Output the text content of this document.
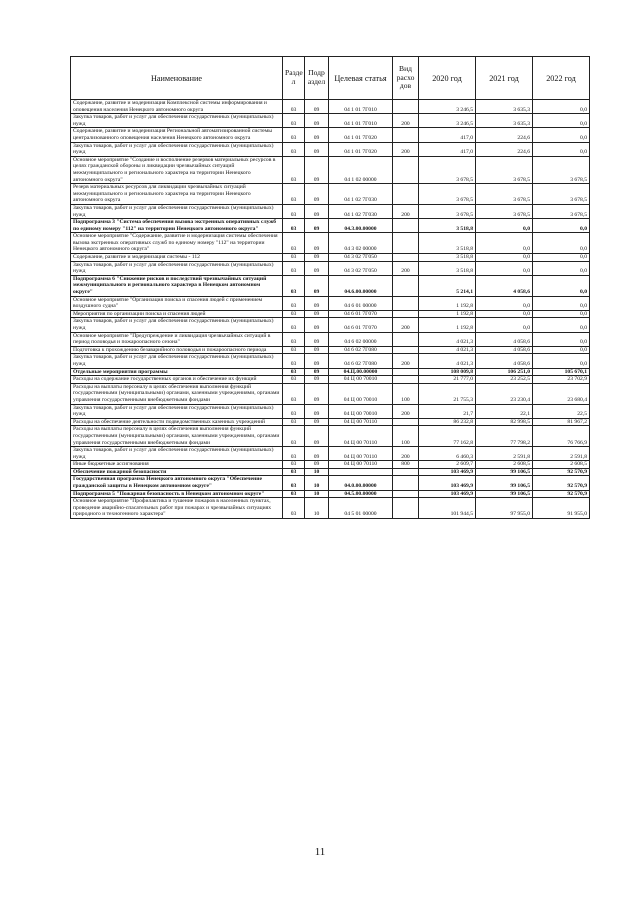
Наименование	Разде л	Подр аздел	Целевая статья	Вид расхо дов	2020 год	2021 год	2022 год
Содержание, развитие и модернизация Комплексной системы информирования и оповещения населения Ненецкого автономного округа	03	09	04 1 01 7Г010		3 246,5	3 635,3	0,0
Закупка товаров, работ и услуг для обеспечения государственных (муниципальных) нужд	03	09	04 1 01 7Г010	200	3 246,5	3 635,3	0,0
Содержание, развитие и модернизация Региональной автоматизированной системы централизованного оповещения населения Ненецкого автономного округа	03	09	04 1 01 7Г020		417,0	224,6	0,0
Закупка товаров, работ и услуг для обеспечения государственных (муниципальных) нужд	03	09	04 1 01 7Г020	200	417,0	224,6	0,0
Основное мероприятие "Создание и восполнение резервов материальных ресурсов в целях гражданской обороны и ликвидации чрезвычайных ситуаций межмуниципального и регионального характера на территории Ненецкого автономного округа"	03	09	04 1 02 00000		3 678,5	3 678,5	3 678,5
Резерв материальных ресурсов для ликвидации чрезвычайных ситуаций межмуниципального и регионального характера на территории Ненецкого автономного округа	03	09	04 1 02 7Г030		3 678,5	3 678,5	3 678,5
Закупка товаров, работ и услуг для обеспечения государственных (муниципальных) нужд	03	09	04 1 02 7Г030	200	3 678,5	3 678,5	3 678,5
Подпрограмма 3 "Система обеспечения вызова экстренных оперативных служб по единому номеру "112" на территории Ненецкого автономного округа"	03	09	04.3.00.00000		3 518,8	0,0	0,0
Основное мероприятие "Содержание, развитие и модернизация системы обеспечения вызова экстренных оперативных служб по единому номеру "112" на территории Ненецкого автономного округа"	03	09	04 3 02 00000		3 518,8	0,0	0,0
Содержание, развитие и модернизация системы - 112	03	09	04 3 02 7Г050		3 518,8	0,0	0,0
Закупка товаров, работ и услуг для обеспечения государственных (муниципальных) нужд	03	09	04 3 02 7Г050	200	3 518,8	0,0	0,0
Подпрограмма 6 "Снижение рисков и последствий чрезвычайных ситуаций межмуниципального и регионального характера в Ненецком автономном округе"	03	09	04.6.00.00000		5 214,1	4 058,6	0,0
Основное мероприятие "Организация поиска и спасения людей с применением воздушного судна"	03	09	04 6 01 00000		1 192,8	0,0	0,0
Мероприятия по организации поиска и спасения людей	03	09	04 6 01 7Г070		1 192,8	0,0	0,0
Закупка товаров, работ и услуг для обеспечения государственных (муниципальных) нужд	03	09	04 6 01 7Г070	200	1 192,8	0,0	0,0
Основное мероприятие "Предупреждение и ликвидация чрезвычайных ситуаций в период половодья и пожароопасного сезона"	03	09	04 6 02 00000		4 021,3	4 058,6	0,0
Подготовка к прохождению безаварийного половодья и пожароопасного периода	03	09	04 6 02 7Г080		4 021,3	4 058,6	0,0
Закупка товаров, работ и услуг для обеспечения государственных (муниципальных) нужд	03	09	04 6 02 7Г080	200	4 021,3	4 058,6	0,0
Отдельные мероприятия программы	03	09	04.Ц.00.00000		108 009,8	106 251,0	105 670,1
Расходы на содержание государственных органов и обеспечение их функций	03	09	04 Ц 00 70010		21 777,0	23 252,5	23 702,9
Расходы на выплаты персоналу в целях обеспечения выполнения функций государственными (муниципальными) органами, казенными учреждениями, органами управления государственными внебюджетными фондами	03	09	04 Ц 00 70010	100	21 755,3	23 230,4	23 680,4
Закупка товаров, работ и услуг для обеспечения государственных (муниципальных) нужд	03	09	04 Ц 00 70010	200	21,7	22,1	22,5
Расходы на обеспечение деятельности подведомственных казенных учреждений	03	09	04 Ц 00 70110		86 232,8	82 998,5	81 967,2
Расходы на выплаты персоналу в целях обеспечения выполнения функций государственными (муниципальными) органами, казенными учреждениями, органами управления государственными внебюджетными фондами	03	09	04 Ц 00 70110	100	77 162,8	77 798,2	76 766,9
Закупка товаров, работ и услуг для обеспечения государственных (муниципальных) нужд	03	09	04 Ц 00 70110	200	6 460,3	2 591,8	2 591,8
Иные бюджетные ассигнования	03	09	04 Ц 00 70110	800	2 609,7	2 608,5	2 608,5
Обеспечение пожарной безопасности	03	10			103 469,9	99 106,5	92 570,9
Государственная программа Ненецкого автономного округа "Обеспечение гражданской защиты в Ненецком автономном округе"	03	10	04.0.00.00000		103 469,9	99 106,5	92 570,9
Подпрограмма 5 "Пожарная безопасность в Ненецком автономном округе"	03	10	04.5.00.00000		103 469,9	99 106,5	92 570,9
Основное мероприятие "Профилактика и тушение пожаров в населенных пунктах, проведение аварийно-спасательных работ при пожарах и чрезвычайных ситуациях природного и техногенного характера"	03	10	04 5 01 00000		101 944,5	97 955,0	91 955,0
11
